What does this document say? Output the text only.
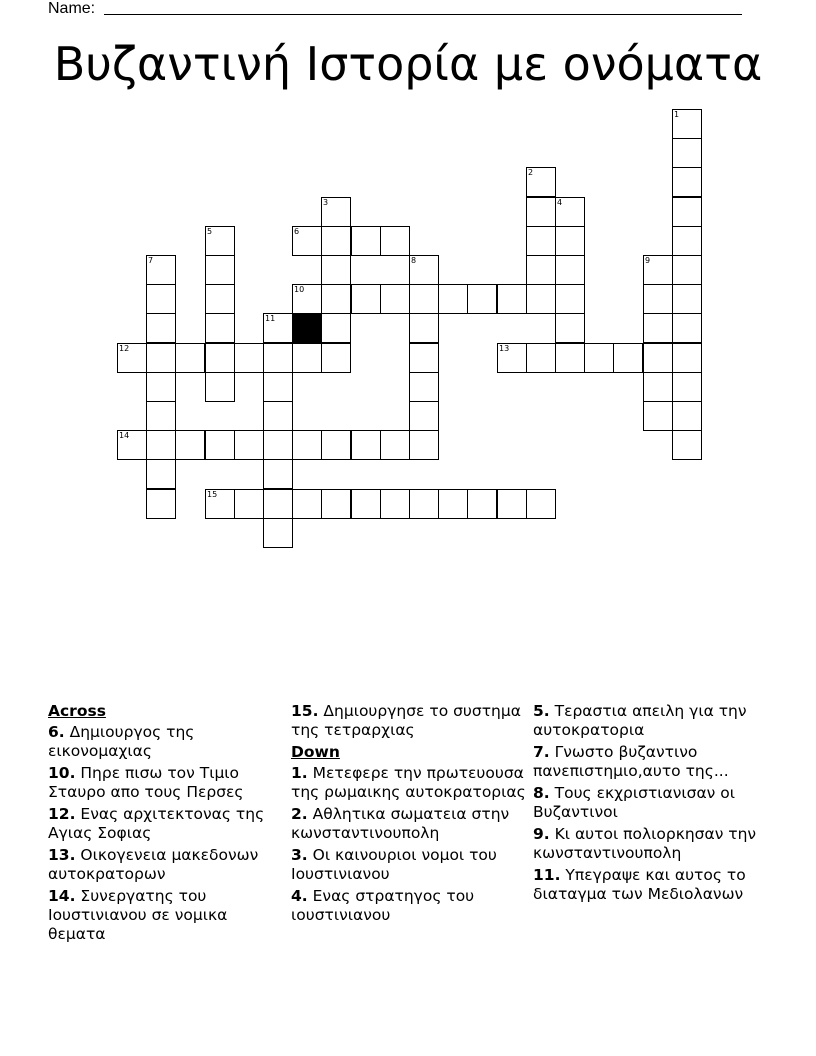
Name:
Βυζαντινή Ιστορία με ονόματα
1
2
3	4
5	6
7	8	9
10
11
12	13
14
15
Across
6. Δημιουργος της εικονομαχιας
10. Πηρε πισω τον Τιμιο Σταυρο απο τους Περσες
12. Ενας αρχιτεκτονας της Αγιας Σοφιας
13. Οικογενεια μακεδονων αυτοκρατορων
14. Συνεργατης του Ιουστινιανου σε νομικα θεματα
15. Δημιουργησε το συστημα της τετραρχιας
Down
1. Μετεφερε την πρωτευουσα της ρωμαικης αυτοκρατοριας
2. Αθλητικα σωματεια στην κωνσταντινουπολη
3. Οι καινουριοι νομοι του Ιουστινιανου
4. Ενας στρατηγος του ιουστινιανου
5. Τεραστια απειλη για την αυτοκρατορια
7. Γνωστο βυζαντινο πανεπιστημιο,αυτο της...
8. Τους εκχριστιανισαν οι Βυζαντινοι
9. Κι αυτοι πολιορκησαν την κωνσταντινουπολη
11. Υπεγραψε και αυτος το διαταγμα των Μεδιολανων
